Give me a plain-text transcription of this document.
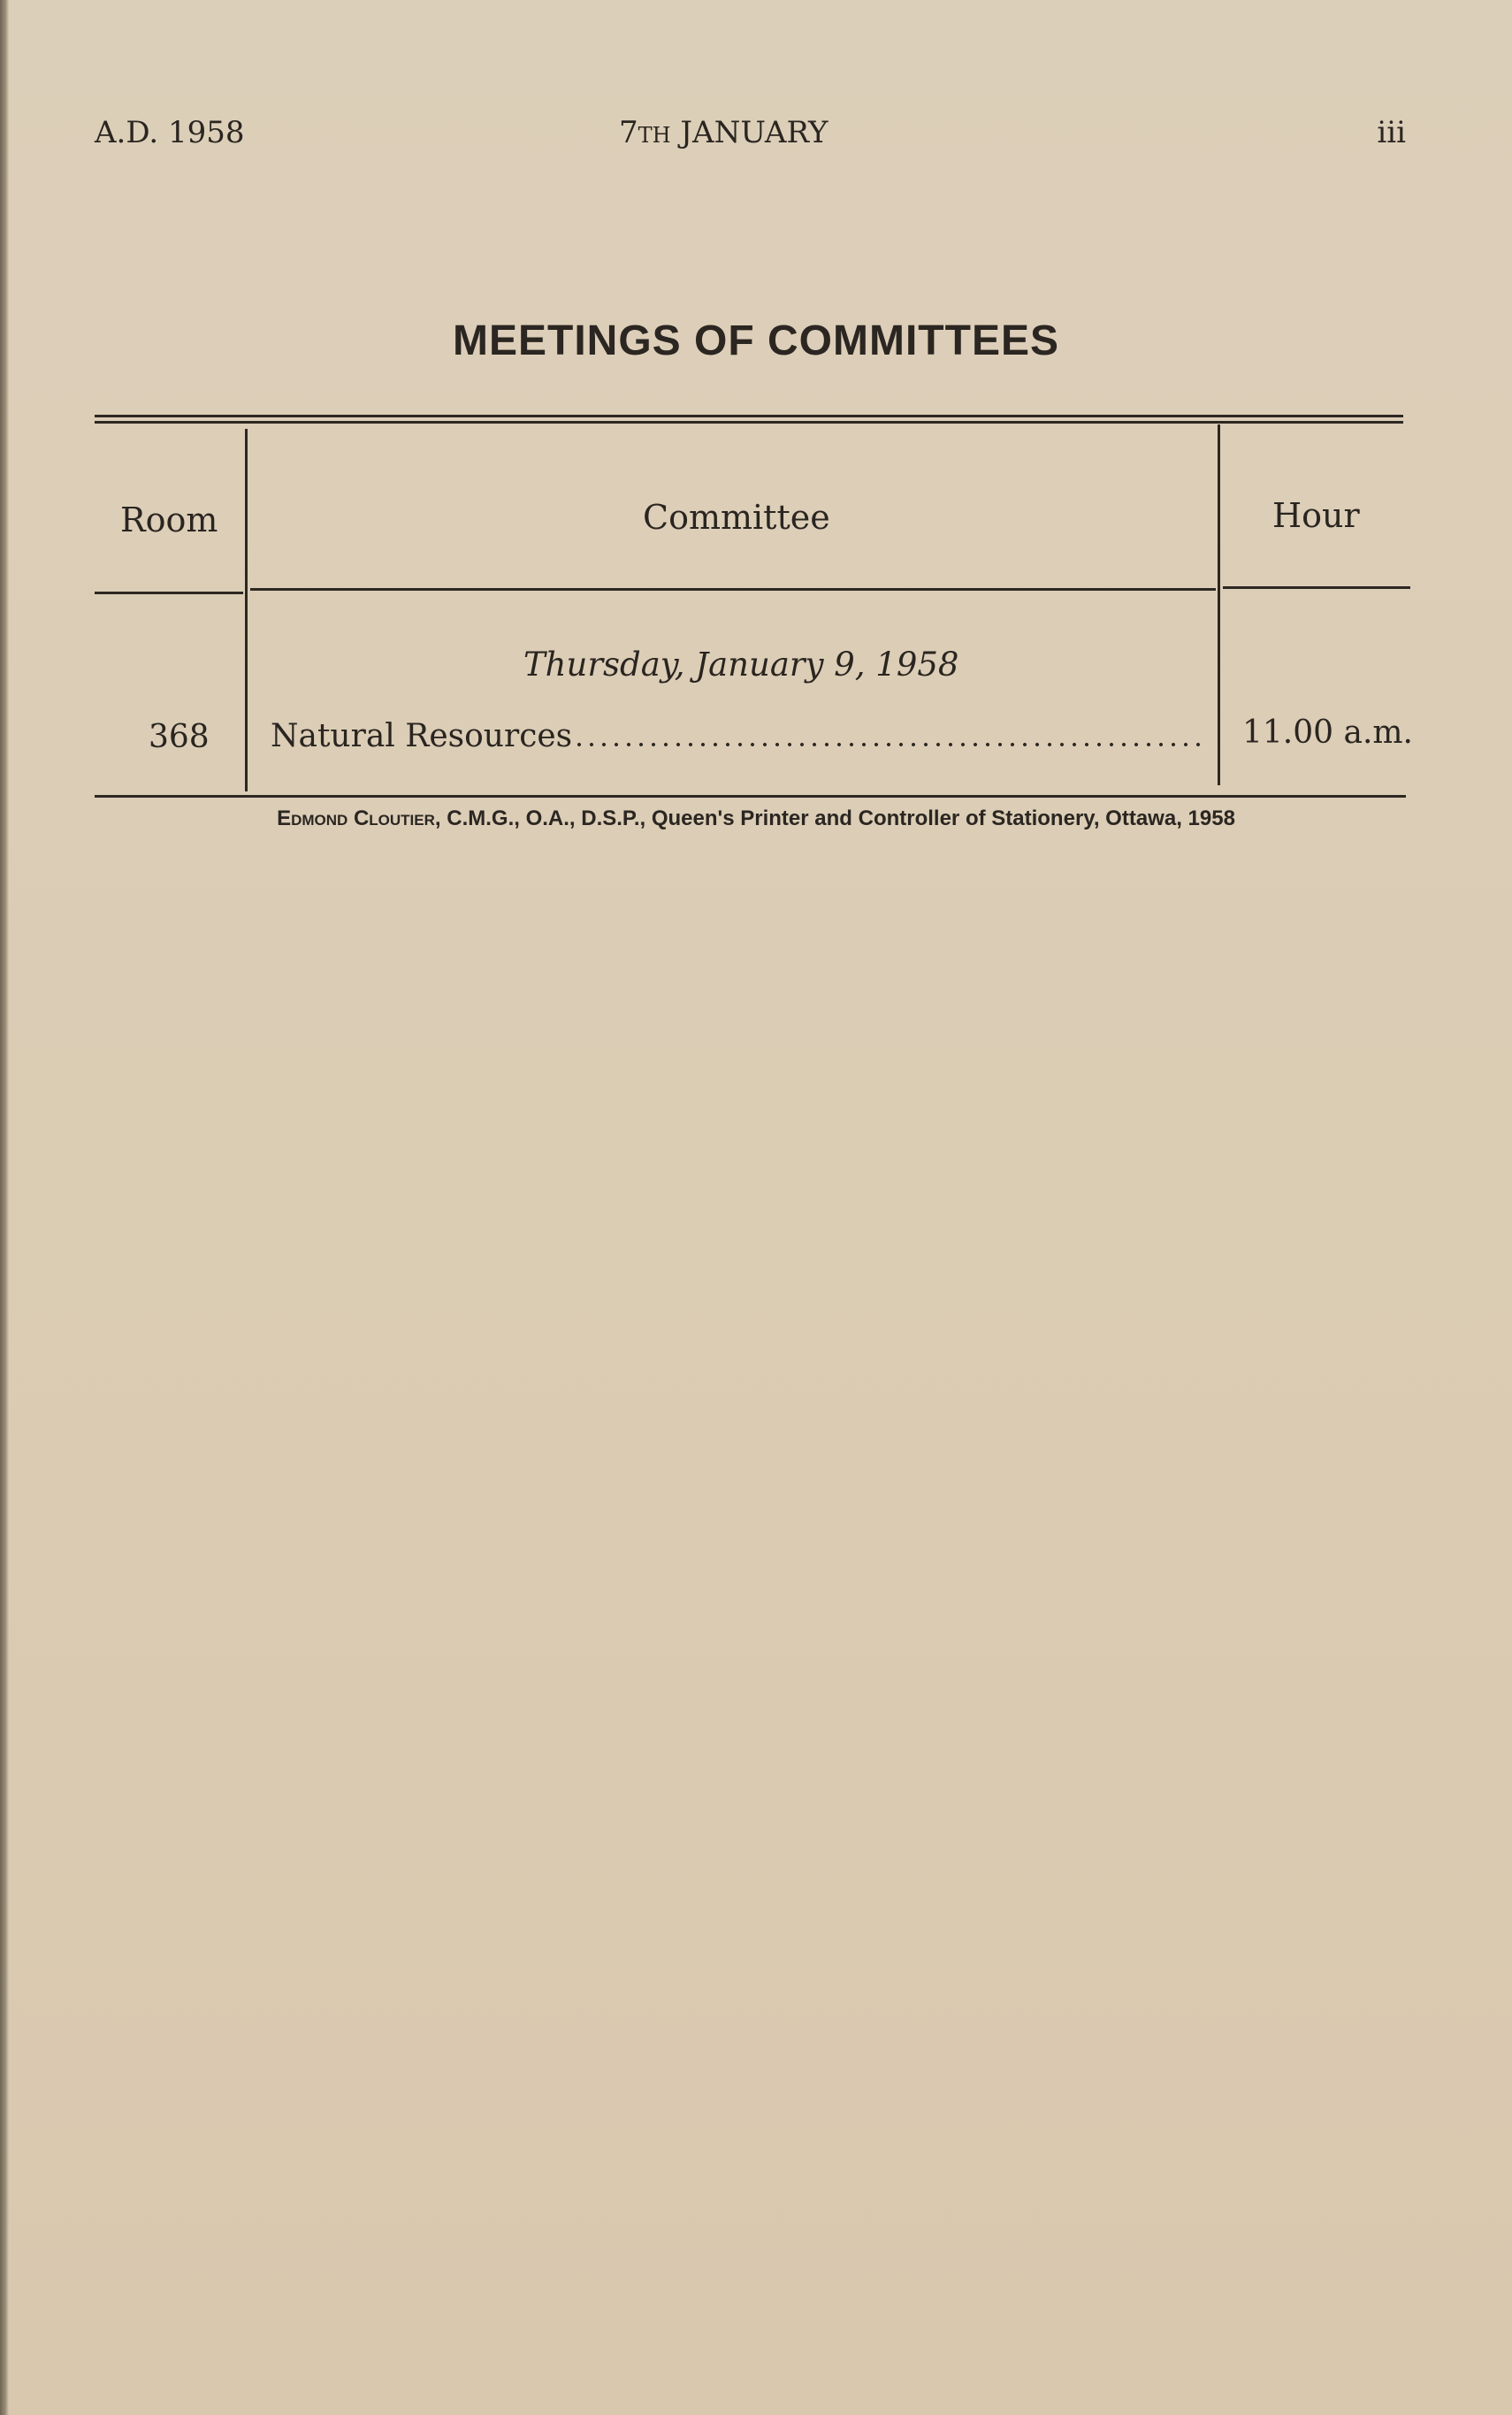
A.D. 1958	7th JANUARY	iii
MEETINGS OF COMMITTEES
Room	Committee	Hour
Thursday, January 9, 1958
368 Natural Resources	11.00 a.m.
Edmond Cloutier, C.M.G., O.A., D.S.P., Queen's Printer and Controller of Stationery, Ottawa, 1958
